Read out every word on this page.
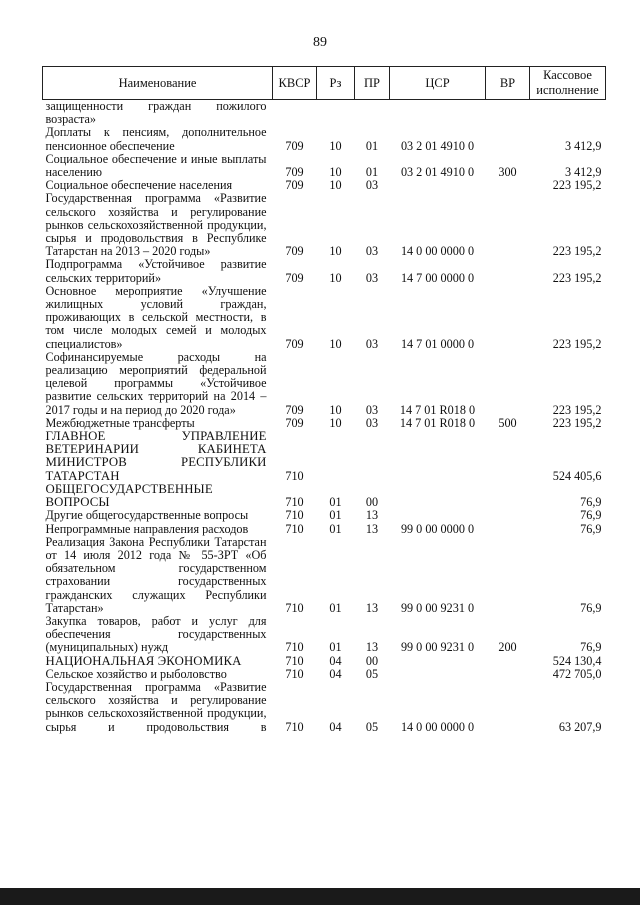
89
Наименование	КВСР	Рз	ПР	ЦСР	ВР	Кассовое
исполнение
защищенности граждан пожилого возраста»						
Доплаты к пенсиям, дополнительное пенсионное обеспечение	709	10	01	03 2 01 4910 0		3 412,9
Социальное обеспечение и иные выплаты населению	709	10	01	03 2 01 4910 0	300	3 412,9
Социальное обеспечение населения	709	10	03			223 195,2
Государственная программа «Развитие сельского хозяйства и регулирование рынков сельскохозяйственной продукции, сырья и продовольствия в Республике Татарстан на 2013 – 2020 годы»	709	10	03	14 0 00 0000 0		223 195,2
Подпрограмма «Устойчивое развитие сельских территорий»	709	10	03	14 7 00 0000 0		223 195,2
Основное мероприятие «Улучшение жилищных условий граждан, проживающих в сельской местности, в том числе молодых семей и молодых специалистов»	709	10	03	14 7 01 0000 0		223 195,2
Софинансируемые расходы на реализацию мероприятий федеральной целевой программы «Устойчивое развитие сельских территорий на 2014 – 2017 годы и на период до 2020 года»	709	10	03	14 7 01 R018 0		223 195,2
Межбюджетные трансферты	709	10	03	14 7 01 R018 0	500	223 195,2
ГЛАВНОЕ УПРАВЛЕНИЕ ВЕТЕРИНАРИИ КАБИНЕТА МИНИСТРОВ РЕСПУБЛИКИ ТАТАРСТАН	710					524 405,6
ОБЩЕГОСУДАРСТВЕННЫЕ ВОПРОСЫ	710	01	00			76,9
Другие общегосударственные вопросы	710	01	13			76,9
Непрограммные направления расходов	710	01	13	99 0 00 0000 0		76,9
Реализация Закона Республики Татарстан от 14 июля 2012 года № 55-ЗРТ «Об обязательном государственном страховании государственных гражданских служащих Республики Татарстан»	710	01	13	99 0 00 9231 0		76,9
Закупка товаров, работ и услуг для обеспечения государственных (муниципальных) нужд	710	01	13	99 0 00 9231 0	200	76,9
НАЦИОНАЛЬНАЯ ЭКОНОМИКА	710	04	00			524 130,4
Сельское хозяйство и рыболовство	710	04	05			472 705,0
Государственная программа «Развитие сельского хозяйства и регулирование рынков сельскохозяйственной продукции, сырья и продовольствия в	710	04	05	14 0 00 0000 0		63 207,9
